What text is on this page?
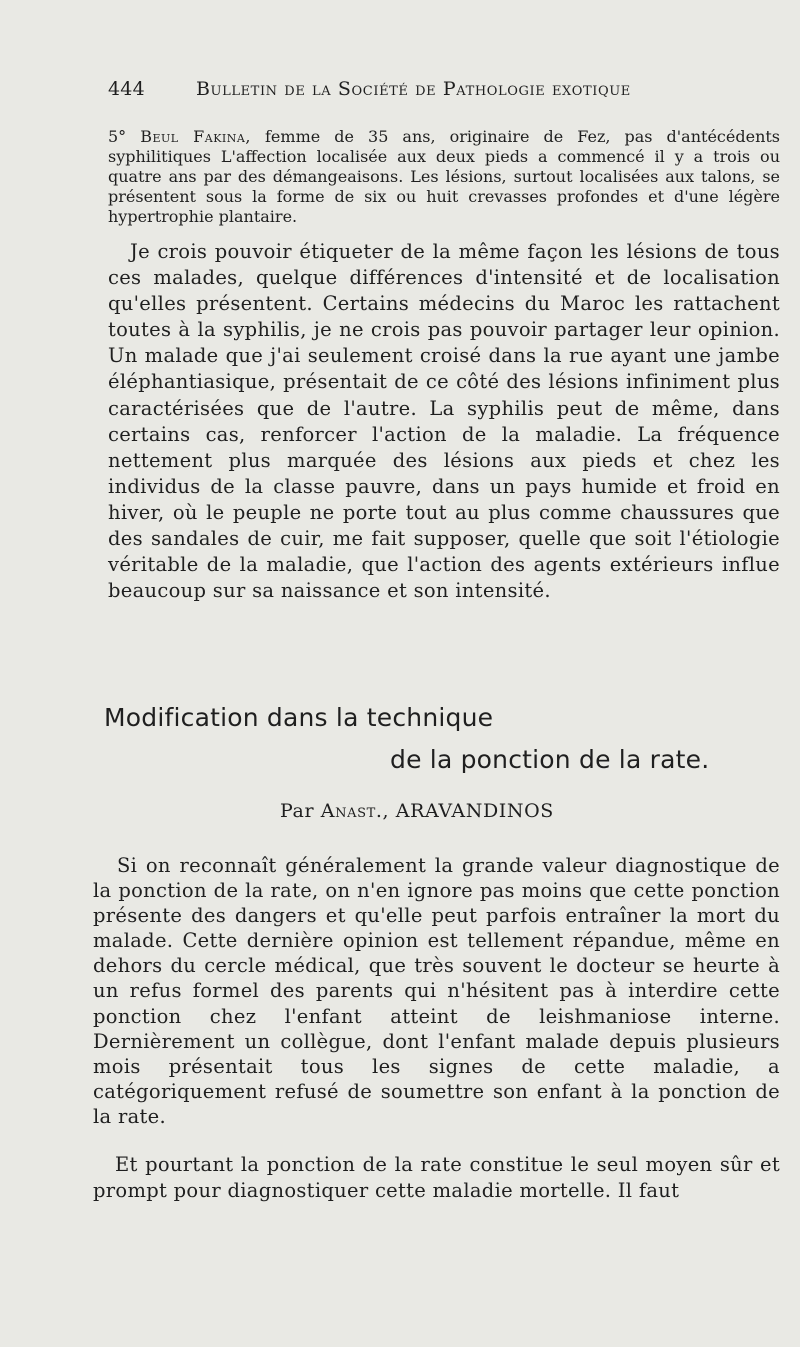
444	Bulletin de la Société de Pathologie exotique

5° Beul Fakina, femme de 35 ans, originaire de Fez, pas d'antécédents syphilitiques L'affection localisée aux deux pieds a commencé il y a trois ou quatre ans par des démangeaisons. Les lésions, surtout localisées aux talons, se présentent sous la forme de six ou huit crevasses profondes et d'une légère hypertrophie plantaire.

Je crois pouvoir étiqueter de la même façon les lésions de tous ces malades, quelque différences d'intensité et de localisation qu'elles présentent. Certains médecins du Maroc les rattachent toutes à la syphilis, je ne crois pas pouvoir partager leur opinion. Un malade que j'ai seulement croisé dans la rue ayant une jambe éléphantiasique, présentait de ce côté des lésions infiniment plus caractérisées que de l'autre. La syphilis peut de même, dans certains cas, renforcer l'action de la maladie. La fréquence nettement plus marquée des lésions aux pieds et chez les individus de la classe pauvre, dans un pays humide et froid en hiver, où le peuple ne porte tout au plus comme chaussures que des sandales de cuir, me fait supposer, quelle que soit l'étiologie véritable de la maladie, que l'action des agents extérieurs influe beaucoup sur sa naissance et son intensité.

Modification dans la technique
de la ponction de la rate.
Par Anast., ARAVANDINOS

Si on reconnaît généralement la grande valeur diagnostique de la ponction de la rate, on n'en ignore pas moins que cette ponction présente des dangers et qu'elle peut parfois entraîner la mort du malade. Cette dernière opinion est tellement répandue, même en dehors du cercle médical, que très souvent le docteur se heurte à un refus formel des parents qui n'hésitent pas à interdire cette ponction chez l'enfant atteint de leishmaniose interne. Dernièrement un collègue, dont l'enfant malade depuis plusieurs mois présentait tous les signes de cette maladie, a catégoriquement refusé de soumettre son enfant à la ponction de la rate.

Et pourtant la ponction de la rate constitue le seul moyen sûr et prompt pour diagnostiquer cette maladie mortelle. Il faut
